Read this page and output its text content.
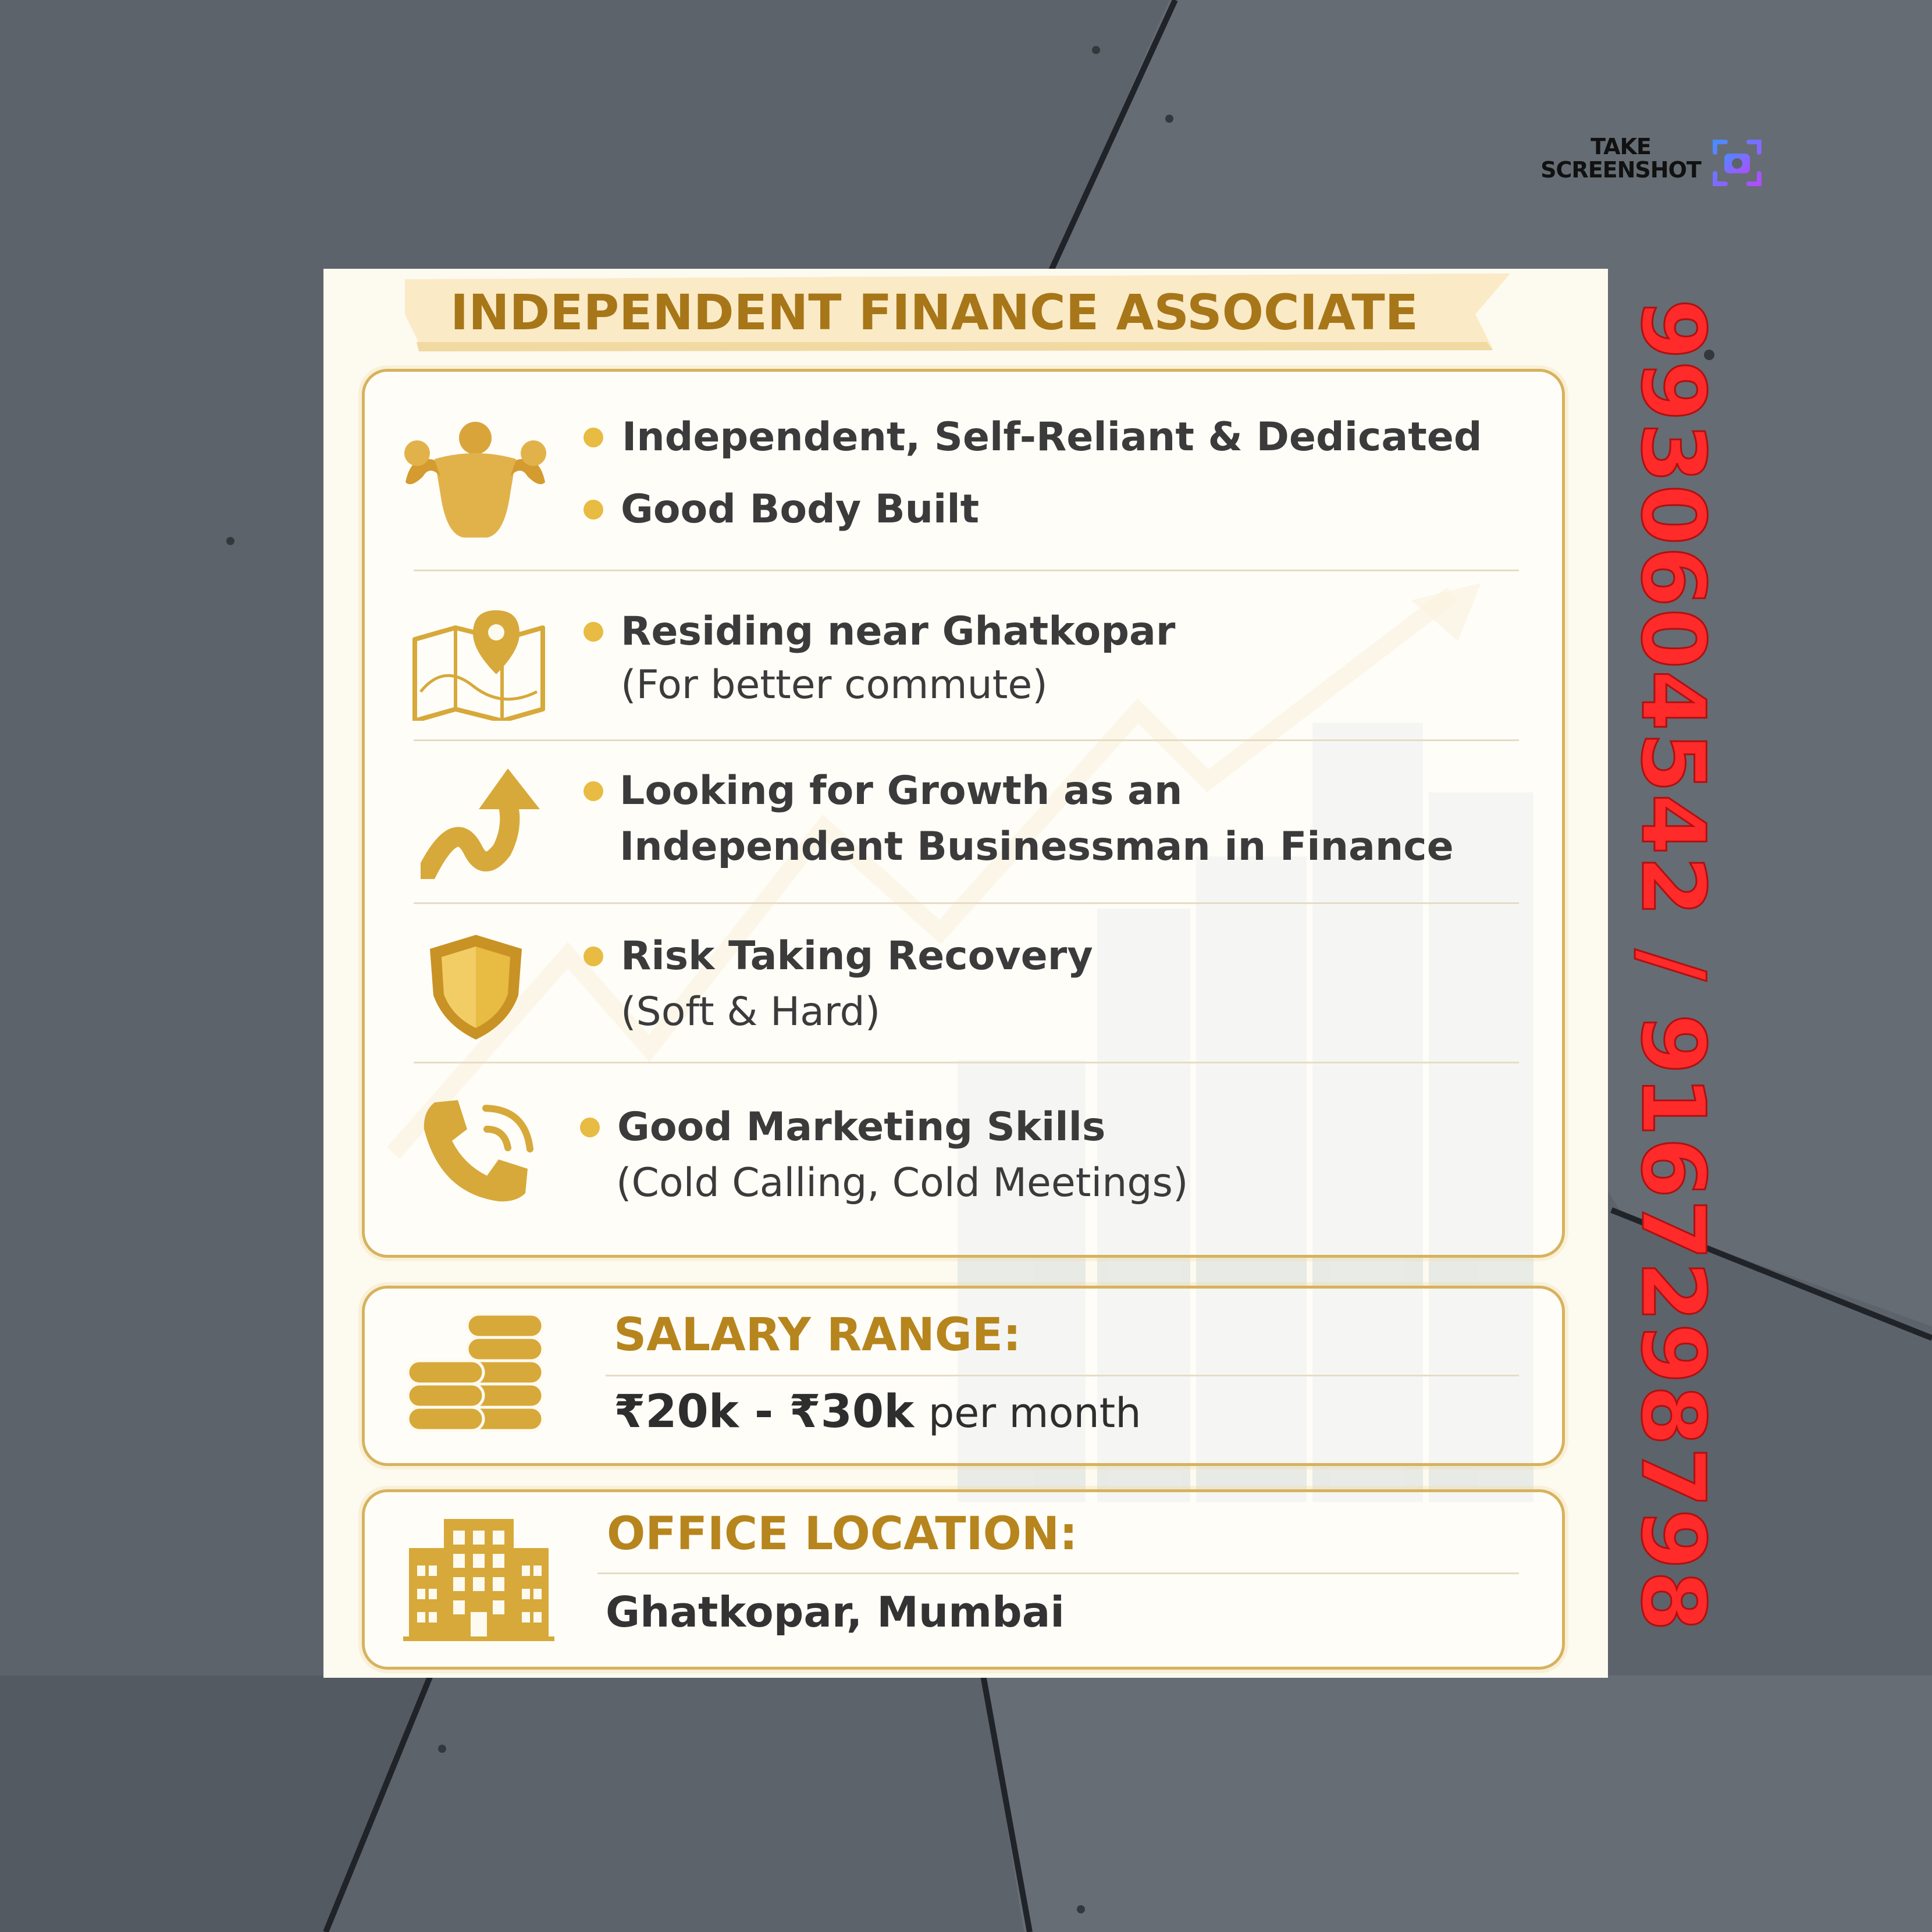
TAKE
SCREENSHOT
INDEPENDENT FINANCE ASSOCIATE
Independent, Self-Reliant & Dedicated
Good Body Built
Residing near Ghatkopar
(For better commute)
Looking for Growth as an
Independent Businessman in Finance
Risk Taking Recovery
(Soft & Hard)
Good Marketing Skills
(Cold Calling, Cold Meetings)
SALARY RANGE:
₹20k - ₹30k per month
OFFICE LOCATION:
Ghatkopar, Mumbai	9930604542 / 9167298798
